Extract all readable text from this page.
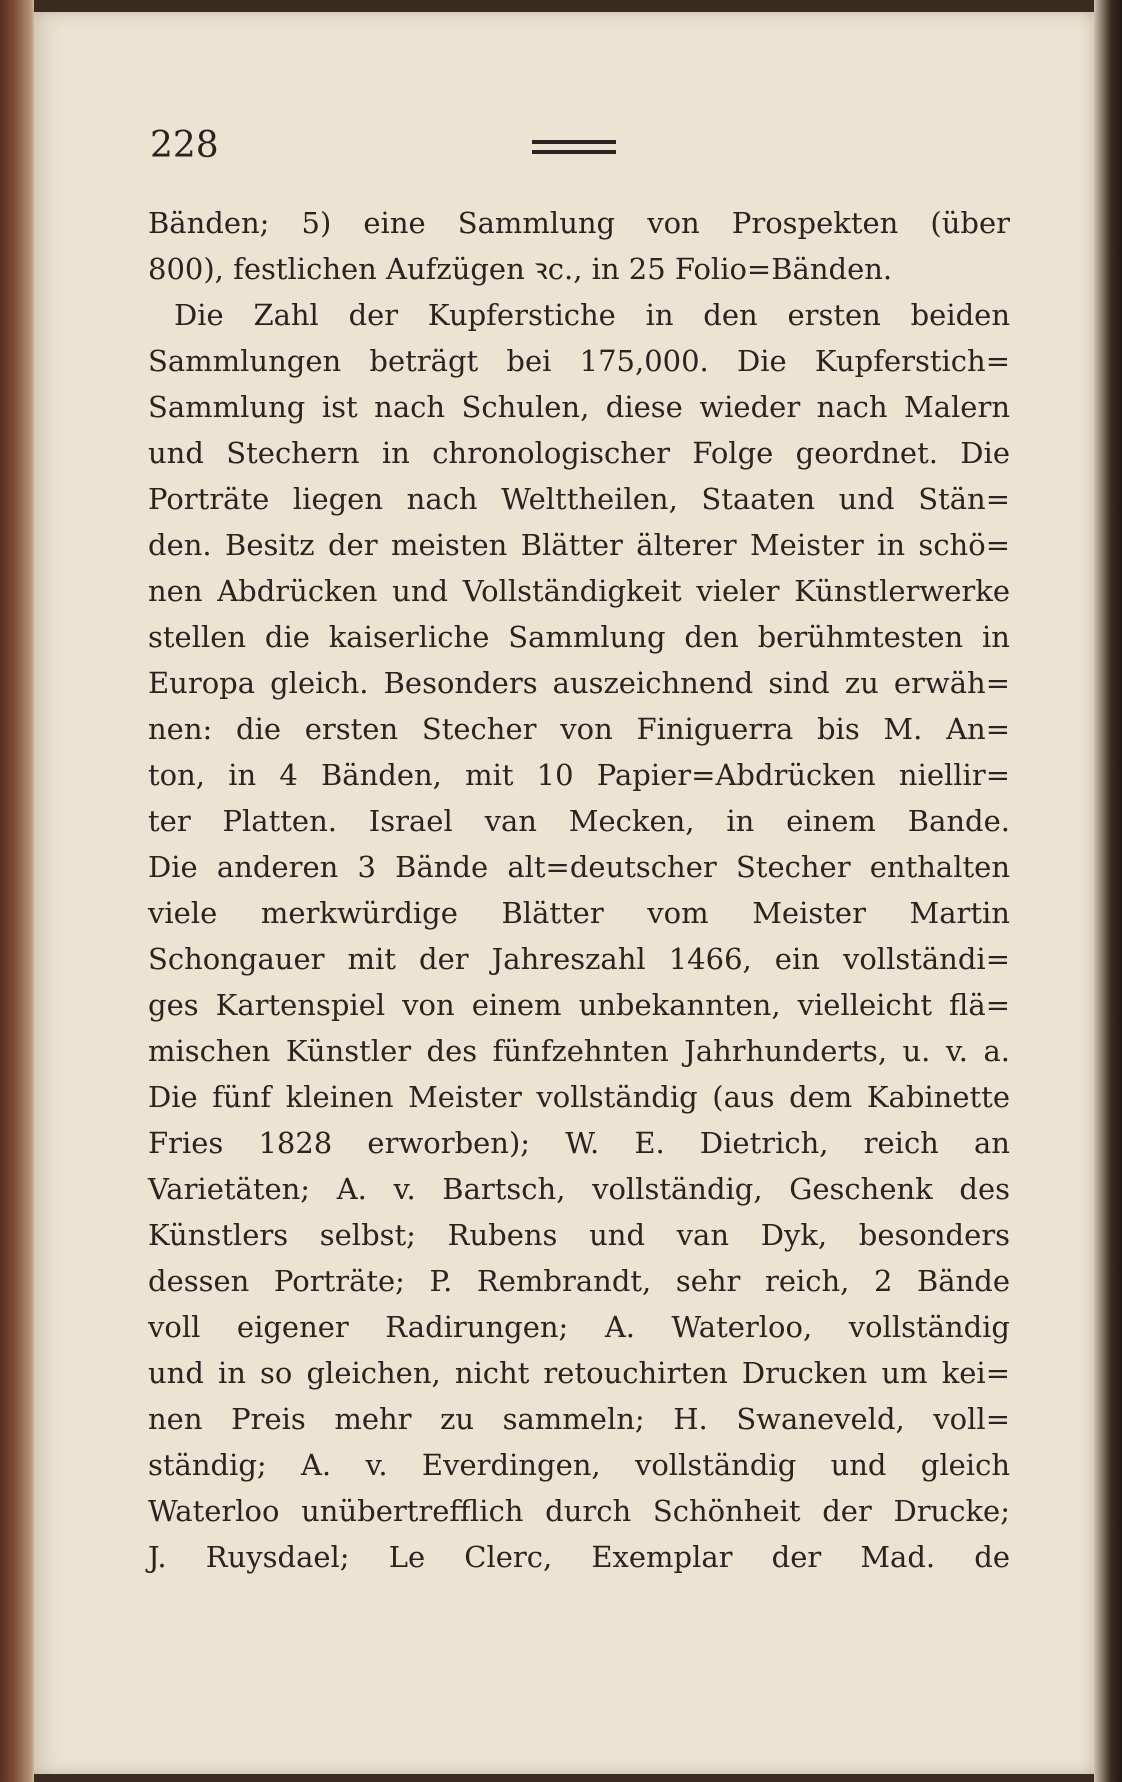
228
Bänden; 5) eine Sammlung von Prospekten (über
800), festlichen Aufzügen ꝛc., in 25 Folio=Bänden.
Die Zahl der Kupferstiche in den ersten beiden
Sammlungen beträgt bei 175,000. Die Kupferstich=
Sammlung ist nach Schulen, diese wieder nach Malern
und Stechern in chronologischer Folge geordnet. Die
Porträte liegen nach Welttheilen, Staaten und Stän=
den. Besitz der meisten Blätter älterer Meister in schö=
nen Abdrücken und Vollständigkeit vieler Künstlerwerke
stellen die kaiserliche Sammlung den berühmtesten in
Europa gleich. Besonders auszeichnend sind zu erwäh=
nen: die ersten Stecher von Finiguerra bis M. An=
ton, in 4 Bänden, mit 10 Papier=Abdrücken niellir=
ter Platten. Israel van Mecken, in einem Bande.
Die anderen 3 Bände alt=deutscher Stecher enthalten
viele merkwürdige Blätter vom Meister Martin
Schongauer mit der Jahreszahl 1466, ein vollständi=
ges Kartenspiel von einem unbekannten, vielleicht flä=
mischen Künstler des fünfzehnten Jahrhunderts, u. v. a.
Die fünf kleinen Meister vollständig (aus dem Kabinette
Fries 1828 erworben); W. E. Dietrich, reich an
Varietäten; A. v. Bartsch, vollständig, Geschenk des
Künstlers selbst; Rubens und van Dyk, besonders
dessen Porträte; P. Rembrandt, sehr reich, 2 Bände
voll eigener Radirungen; A. Waterloo, vollständig
und in so gleichen, nicht retouchirten Drucken um kei=
nen Preis mehr zu sammeln; H. Swaneveld, voll=
ständig; A. v. Everdingen, vollständig und gleich
Waterloo unübertrefflich durch Schönheit der Drucke;
J. Ruysdael; Le Clerc, Exemplar der Mad. de
